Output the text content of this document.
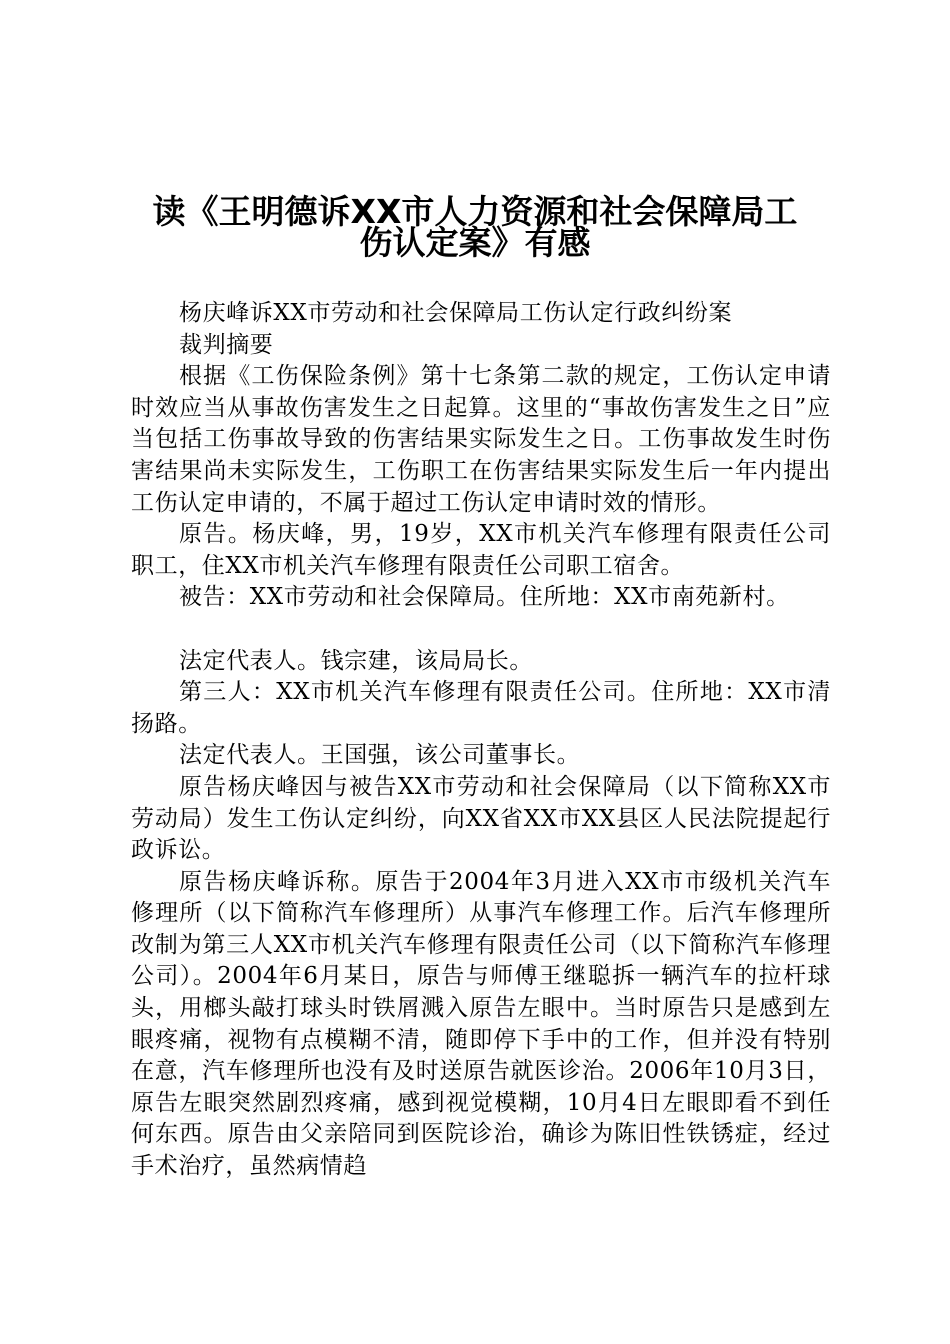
读《王明德诉XX市人力资源和社会保障局工
伤认定案》有感

杨庆峰诉XX市劳动和社会保障局工伤认定行政纠纷案

裁判摘要

根据《工伤保险条例》第十七条第二款的规定，工伤认定申请时效应当从事故伤害发生之日起算。这里的“事故伤害发生之日”应当包括工伤事故导致的伤害结果实际发生之日。工伤事故发生时伤害结果尚未实际发生，工伤职工在伤害结果实际发生后一年内提出工伤认定申请的，不属于超过工伤认定申请时效的情形。

原告。杨庆峰，男，19岁，XX市机关汽车修理有限责任公司职工，住XX市机关汽车修理有限责任公司职工宿舍。

被告：XX市劳动和社会保障局。住所地：XX市南苑新村。

法定代表人。钱宗建，该局局长。

第三人：XX市机关汽车修理有限责任公司。住所地：XX市清扬路。

法定代表人。王国强，该公司董事长。

原告杨庆峰因与被告XX市劳动和社会保障局（以下简称XX市劳动局）发生工伤认定纠纷，向XX省XX市XX县区人民法院提起行政诉讼。

原告杨庆峰诉称。原告于2004年3月进入XX市市级机关汽车修理所（以下简称汽车修理所）从事汽车修理工作。后汽车修理所改制为第三人XX市机关汽车修理有限责任公司（以下简称汽车修理公司）。2004年6月某日，原告与师傅王继聪拆一辆汽车的拉杆球头，用榔头敲打球头时铁屑溅入原告左眼中。当时原告只是感到左眼疼痛，视物有点模糊不清，随即停下手中的工作，但并没有特别在意，汽车修理所也没有及时送原告就医诊治。2006年10月3日，原告左眼突然剧烈疼痛，感到视觉模糊，10月4日左眼即看不到任何东西。原告由父亲陪同到医院诊治，确诊为陈旧性铁锈症，经过手术治疗，虽然病情趋
